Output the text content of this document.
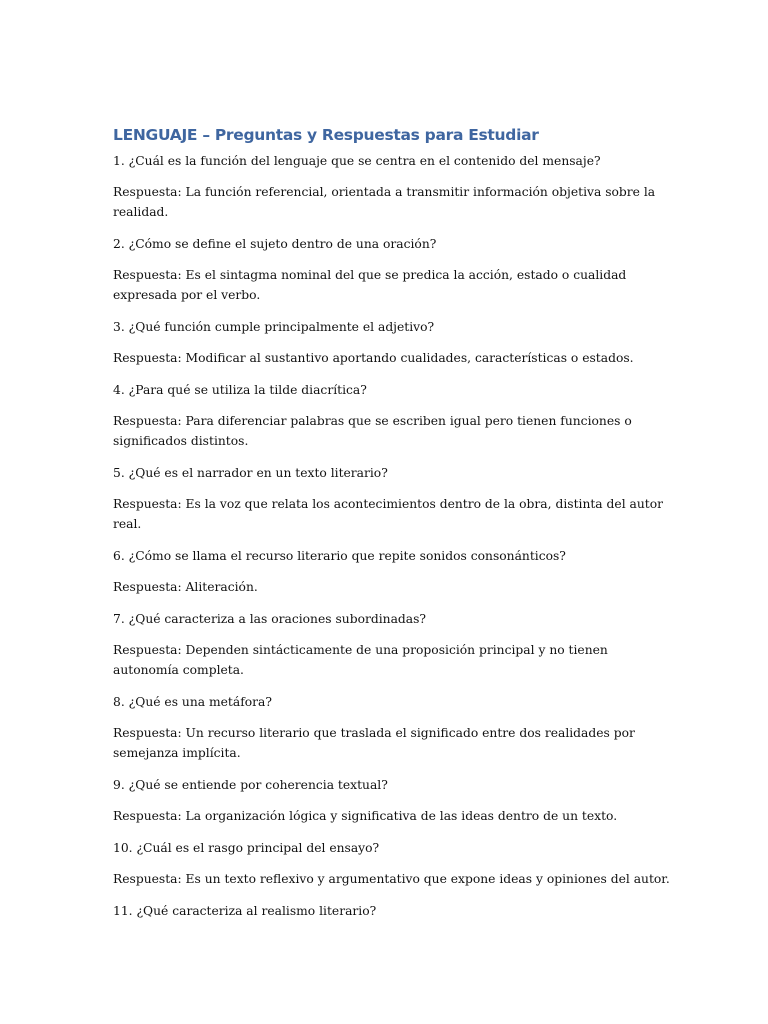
LENGUAJE – Preguntas y Respuestas para Estudiar

1. ¿Cuál es la función del lenguaje que se centra en el contenido del mensaje?

Respuesta: La función referencial, orientada a transmitir información objetiva sobre la realidad.

2. ¿Cómo se define el sujeto dentro de una oración?

Respuesta: Es el sintagma nominal del que se predica la acción, estado o cualidad expresada por el verbo.

3. ¿Qué función cumple principalmente el adjetivo?

Respuesta: Modificar al sustantivo aportando cualidades, características o estados.

4. ¿Para qué se utiliza la tilde diacrítica?

Respuesta: Para diferenciar palabras que se escriben igual pero tienen funciones o significados distintos.

5. ¿Qué es el narrador en un texto literario?

Respuesta: Es la voz que relata los acontecimientos dentro de la obra, distinta del autor real.

6. ¿Cómo se llama el recurso literario que repite sonidos consonánticos?

Respuesta: Aliteración.

7. ¿Qué caracteriza a las oraciones subordinadas?

Respuesta: Dependen sintácticamente de una proposición principal y no tienen autonomía completa.

8. ¿Qué es una metáfora?

Respuesta: Un recurso literario que traslada el significado entre dos realidades por semejanza implícita.

9. ¿Qué se entiende por coherencia textual?

Respuesta: La organización lógica y significativa de las ideas dentro de un texto.

10. ¿Cuál es el rasgo principal del ensayo?

Respuesta: Es un texto reflexivo y argumentativo que expone ideas y opiniones del autor.

11. ¿Qué caracteriza al realismo literario?
